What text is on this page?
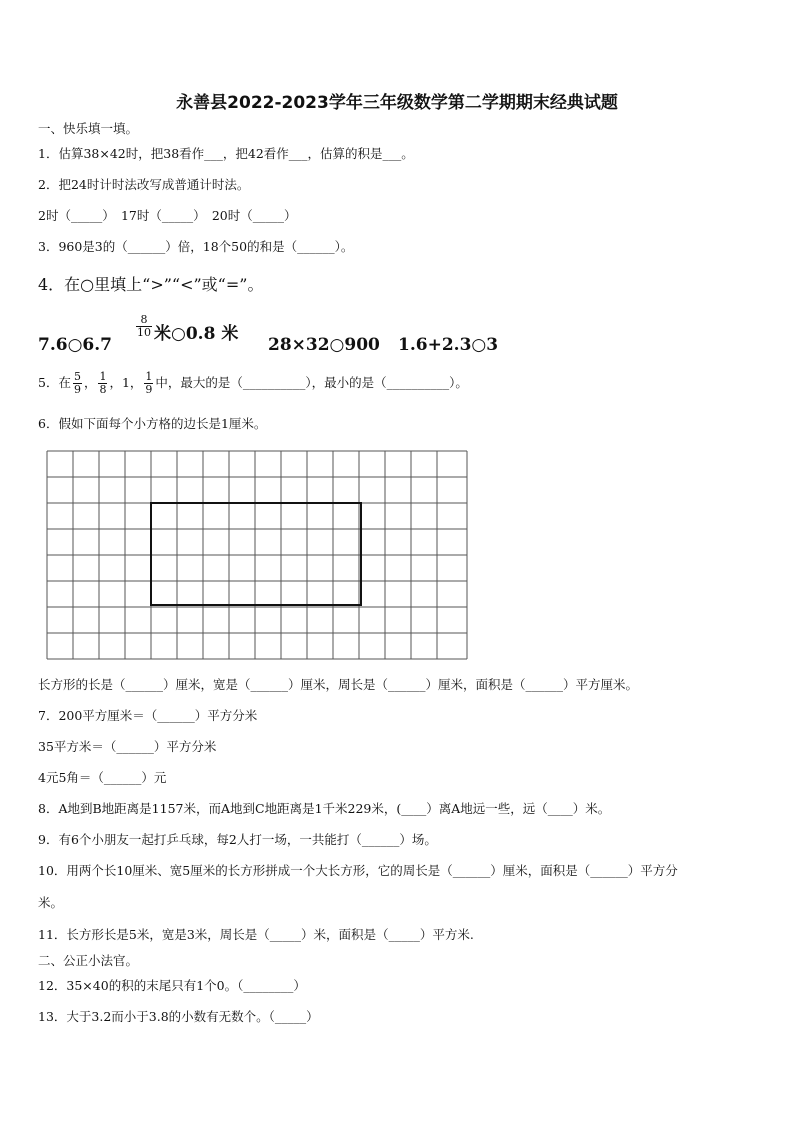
永善县2022-2023学年三年级数学第二学期期末经典试题
一、快乐填一填。
1．估算38×42时，把38看作___，把42看作___，估算的积是___。
2．把24时计时法改写成普通计时法。
2时（_____）　17时（_____）　20时（_____）
3．960是3的（______）倍，18个50的和是（______）。
4．在○里填上“>”“<”或“=”。
7.6○6.7
$\frac{8}{10}$ 米○0.8 米
28×32○900 1.6+2.3○3
5．在 $\frac{5}{9}$ ， $\frac{1}{8}$ ，1， $\frac{1}{9}$ 中，最大的是（__________），最小的是（__________）。
6．假如下面每个小方格的边长是1厘米。
长方形的长是（______）厘米，宽是（______）厘米，周长是（______）厘米，面积是（______）平方厘米。
7．200平方厘米＝（______）平方分米
35平方米＝（______）平方分米
4元5角＝（______）元
8．A地到B地距离是1157米，而A地到C地距离是1千米229米，(____）离A地远一些，远（____）米。
9．有6个小朋友一起打乒乓球，每2人打一场，一共能打（______）场。
10．用两个长10厘米、宽5厘米的长方形拼成一个大长方形，它的周长是（______）厘米，面积是（______）平方分
米。
11．长方形长是5米，宽是3米，周长是（_____）米，面积是（_____）平方米.
二、公正小法官。
12．35×40的积的末尾只有1个0。（________）
13．大于3.2而小于3.8的小数有无数个。（_____）
